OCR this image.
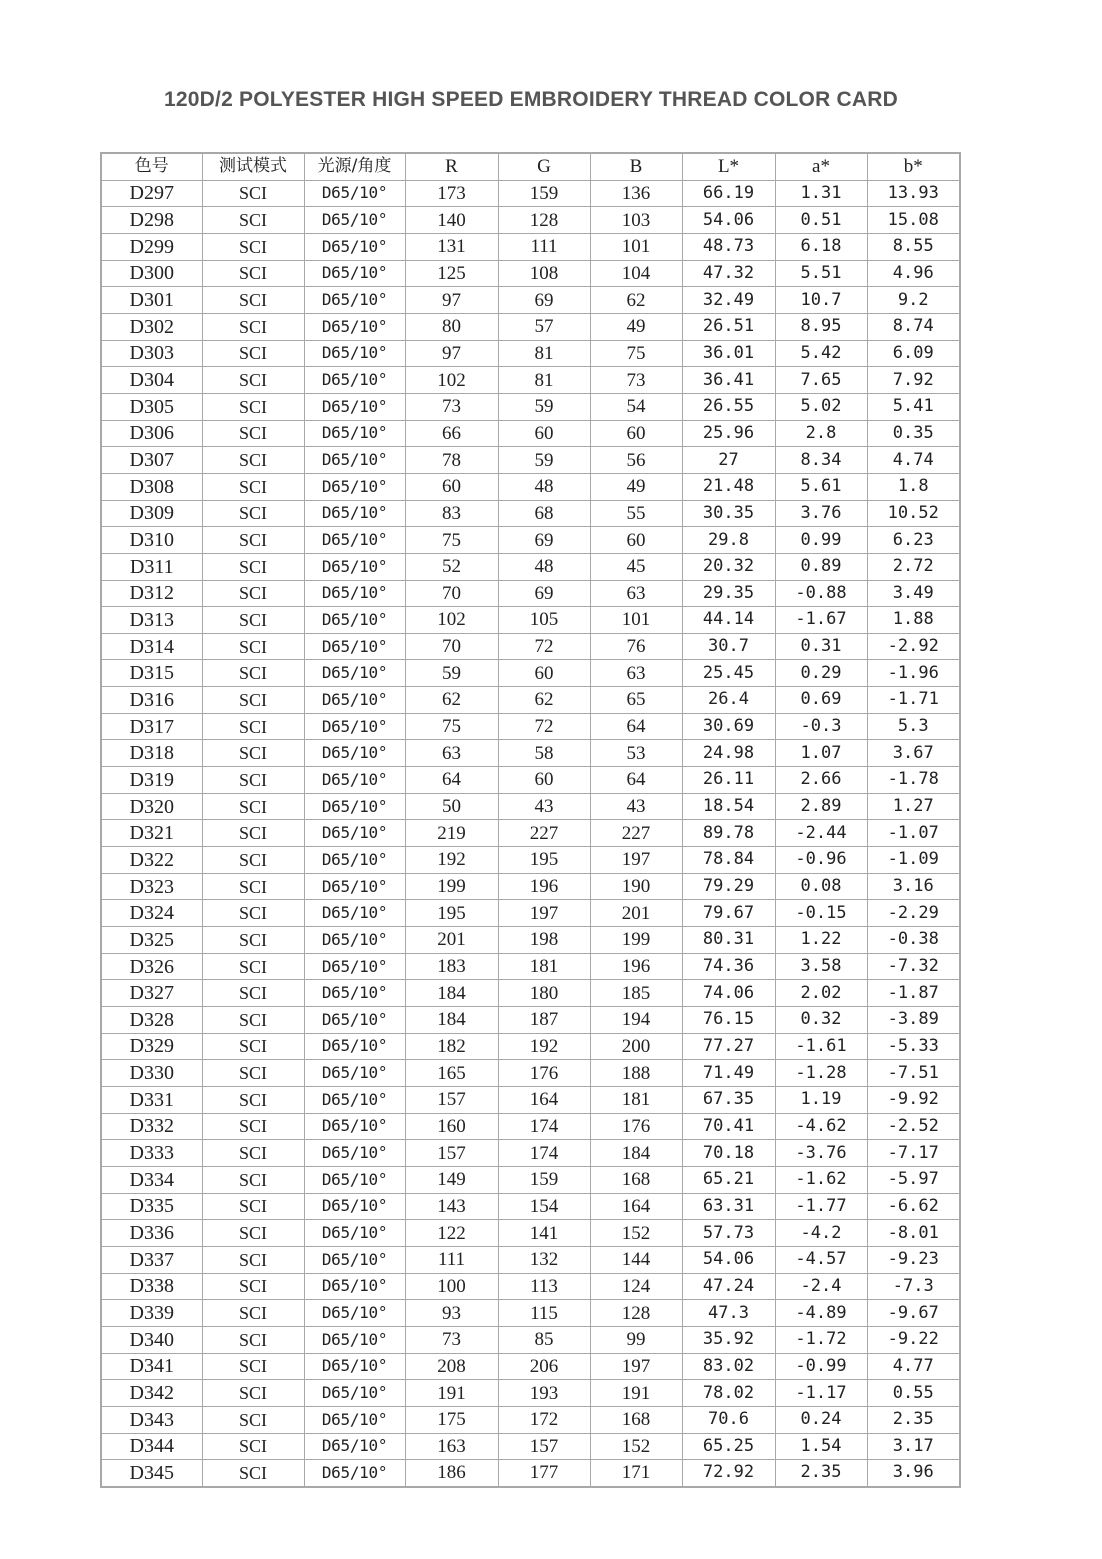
120D/2 POLYESTER HIGH SPEED EMBROIDERY THREAD COLOR CARD
色号	测试模式	光源/角度	R	G	B	L*	a*	b*
D297	SCI	D65/10°	173	159	136	66.19	1.31	13.93
D298	SCI	D65/10°	140	128	103	54.06	0.51	15.08
D299	SCI	D65/10°	131	111	101	48.73	6.18	8.55
D300	SCI	D65/10°	125	108	104	47.32	5.51	4.96
D301	SCI	D65/10°	97	69	62	32.49	10.7	9.2
D302	SCI	D65/10°	80	57	49	26.51	8.95	8.74
D303	SCI	D65/10°	97	81	75	36.01	5.42	6.09
D304	SCI	D65/10°	102	81	73	36.41	7.65	7.92
D305	SCI	D65/10°	73	59	54	26.55	5.02	5.41
D306	SCI	D65/10°	66	60	60	25.96	2.8	0.35
D307	SCI	D65/10°	78	59	56	27	8.34	4.74
D308	SCI	D65/10°	60	48	49	21.48	5.61	1.8
D309	SCI	D65/10°	83	68	55	30.35	3.76	10.52
D310	SCI	D65/10°	75	69	60	29.8	0.99	6.23
D311	SCI	D65/10°	52	48	45	20.32	0.89	2.72
D312	SCI	D65/10°	70	69	63	29.35	-0.88	3.49
D313	SCI	D65/10°	102	105	101	44.14	-1.67	1.88
D314	SCI	D65/10°	70	72	76	30.7	0.31	-2.92
D315	SCI	D65/10°	59	60	63	25.45	0.29	-1.96
D316	SCI	D65/10°	62	62	65	26.4	0.69	-1.71
D317	SCI	D65/10°	75	72	64	30.69	-0.3	5.3
D318	SCI	D65/10°	63	58	53	24.98	1.07	3.67
D319	SCI	D65/10°	64	60	64	26.11	2.66	-1.78
D320	SCI	D65/10°	50	43	43	18.54	2.89	1.27
D321	SCI	D65/10°	219	227	227	89.78	-2.44	-1.07
D322	SCI	D65/10°	192	195	197	78.84	-0.96	-1.09
D323	SCI	D65/10°	199	196	190	79.29	0.08	3.16
D324	SCI	D65/10°	195	197	201	79.67	-0.15	-2.29
D325	SCI	D65/10°	201	198	199	80.31	1.22	-0.38
D326	SCI	D65/10°	183	181	196	74.36	3.58	-7.32
D327	SCI	D65/10°	184	180	185	74.06	2.02	-1.87
D328	SCI	D65/10°	184	187	194	76.15	0.32	-3.89
D329	SCI	D65/10°	182	192	200	77.27	-1.61	-5.33
D330	SCI	D65/10°	165	176	188	71.49	-1.28	-7.51
D331	SCI	D65/10°	157	164	181	67.35	1.19	-9.92
D332	SCI	D65/10°	160	174	176	70.41	-4.62	-2.52
D333	SCI	D65/10°	157	174	184	70.18	-3.76	-7.17
D334	SCI	D65/10°	149	159	168	65.21	-1.62	-5.97
D335	SCI	D65/10°	143	154	164	63.31	-1.77	-6.62
D336	SCI	D65/10°	122	141	152	57.73	-4.2	-8.01
D337	SCI	D65/10°	111	132	144	54.06	-4.57	-9.23
D338	SCI	D65/10°	100	113	124	47.24	-2.4	-7.3
D339	SCI	D65/10°	93	115	128	47.3	-4.89	-9.67
D340	SCI	D65/10°	73	85	99	35.92	-1.72	-9.22
D341	SCI	D65/10°	208	206	197	83.02	-0.99	4.77
D342	SCI	D65/10°	191	193	191	78.02	-1.17	0.55
D343	SCI	D65/10°	175	172	168	70.6	0.24	2.35
D344	SCI	D65/10°	163	157	152	65.25	1.54	3.17
D345	SCI	D65/10°	186	177	171	72.92	2.35	3.96
